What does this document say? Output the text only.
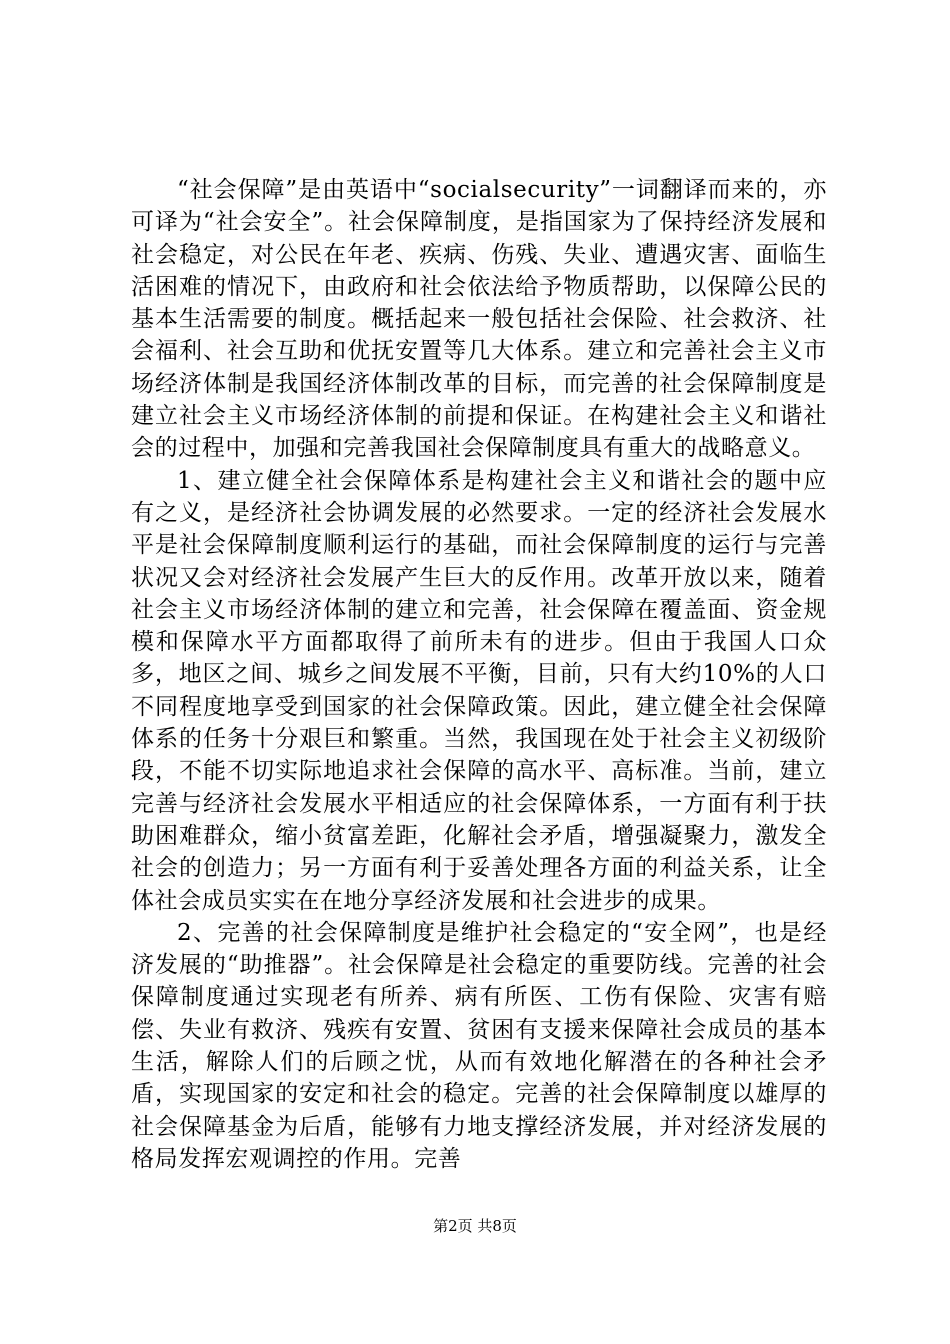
“社会保障”是由英语中“socialsecurity”一词翻译而来的，亦可译为“社会安全”。社会保障制度，是指国家为了保持经济发展和社会稳定，对公民在年老、疾病、伤残、失业、遭遇灾害、面临生活困难的情况下，由政府和社会依法给予物质帮助，以保障公民的基本生活需要的制度。概括起来一般包括社会保险、社会救济、社会福利、社会互助和优抚安置等几大体系。建立和完善社会主义市场经济体制是我国经济体制改革的目标，而完善的社会保障制度是建立社会主义市场经济体制的前提和保证。在构建社会主义和谐社会的过程中，加强和完善我国社会保障制度具有重大的战略意义。

1、建立健全社会保障体系是构建社会主义和谐社会的题中应有之义，是经济社会协调发展的必然要求。一定的经济社会发展水平是社会保障制度顺利运行的基础，而社会保障制度的运行与完善状况又会对经济社会发展产生巨大的反作用。改革开放以来，随着社会主义市场经济体制的建立和完善，社会保障在覆盖面、资金规模和保障水平方面都取得了前所未有的进步。但由于我国人口众多，地区之间、城乡之间发展不平衡，目前，只有大约10%的人口不同程度地享受到国家的社会保障政策。因此，建立健全社会保障体系的任务十分艰巨和繁重。当然，我国现在处于社会主义初级阶段，不能不切实际地追求社会保障的高水平、高标准。当前，建立完善与经济社会发展水平相适应的社会保障体系，一方面有利于扶助困难群众，缩小贫富差距，化解社会矛盾，增强凝聚力，激发全社会的创造力；另一方面有利于妥善处理各方面的利益关系，让全体社会成员实实在在地分享经济发展和社会进步的成果。

2、完善的社会保障制度是维护社会稳定的“安全网”，也是经济发展的“助推器”。社会保障是社会稳定的重要防线。完善的社会保障制度通过实现老有所养、病有所医、工伤有保险、灾害有赔偿、失业有救济、残疾有安置、贫困有支援来保障社会成员的基本生活，解除人们的后顾之忧，从而有效地化解潜在的各种社会矛盾，实现国家的安定和社会的稳定。完善的社会保障制度以雄厚的社会保障基金为后盾，能够有力地支撑经济发展，并对经济发展的格局发挥宏观调控的作用。完善

第2页 共8页
